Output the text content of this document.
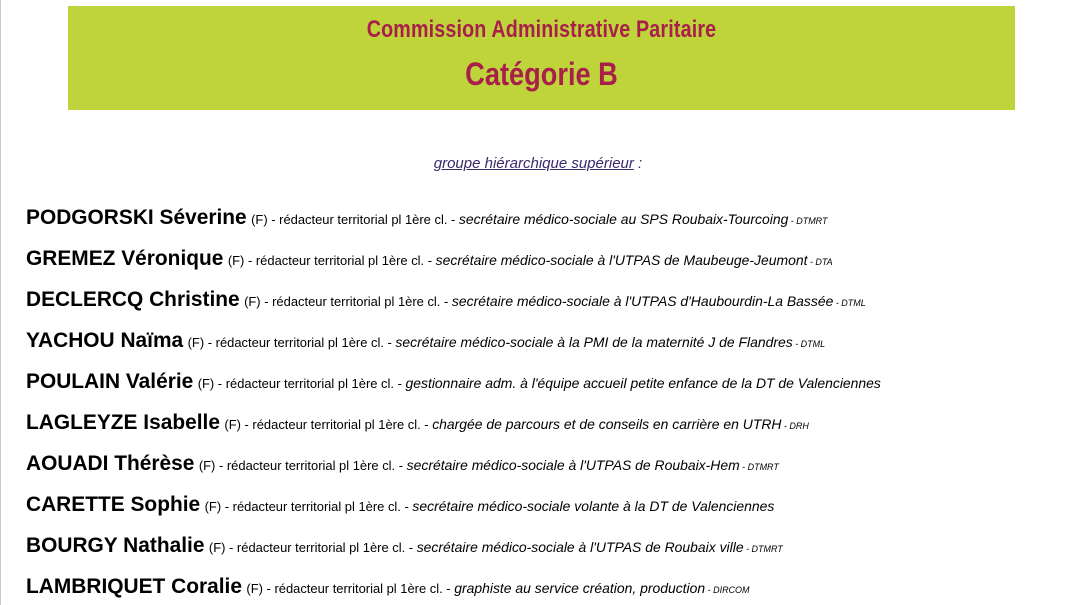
Commission Administrative Paritaire
Catégorie B
groupe hiérarchique supérieur :
PODGORSKI Séverine (F) - rédacteur territorial pl 1ère cl. - secrétaire médico-sociale au SPS Roubaix-Tourcoing - DTMRT
GREMEZ Véronique (F) - rédacteur territorial pl 1ère cl. - secrétaire médico-sociale à l'UTPAS de Maubeuge-Jeumont - DTA
DECLERCQ Christine (F) - rédacteur territorial pl 1ère cl. - secrétaire médico-sociale à l'UTPAS d'Haubourdin-La Bassée - DTML
YACHOU Naïma (F) - rédacteur territorial pl 1ère cl. - secrétaire médico-sociale à la PMI de la maternité J de Flandres - DTML
POULAIN Valérie (F) - rédacteur territorial pl 1ère cl. - gestionnaire adm. à l'équipe accueil petite enfance de la DT de Valenciennes
LAGLEYZE Isabelle (F) - rédacteur territorial pl 1ère cl. - chargée de parcours et de conseils en carrière en UTRH - DRH
AOUADI Thérèse (F) - rédacteur territorial pl 1ère cl. - secrétaire médico-sociale à l'UTPAS de Roubaix-Hem - DTMRT
CARETTE Sophie (F) - rédacteur territorial pl 1ère cl. - secrétaire médico-sociale volante à la DT de Valenciennes
BOURGY Nathalie (F) - rédacteur territorial pl 1ère cl. - secrétaire médico-sociale à l'UTPAS de Roubaix ville - DTMRT
LAMBRIQUET Coralie (F) - rédacteur territorial pl 1ère cl. - graphiste au service création, production - DIRCOM
